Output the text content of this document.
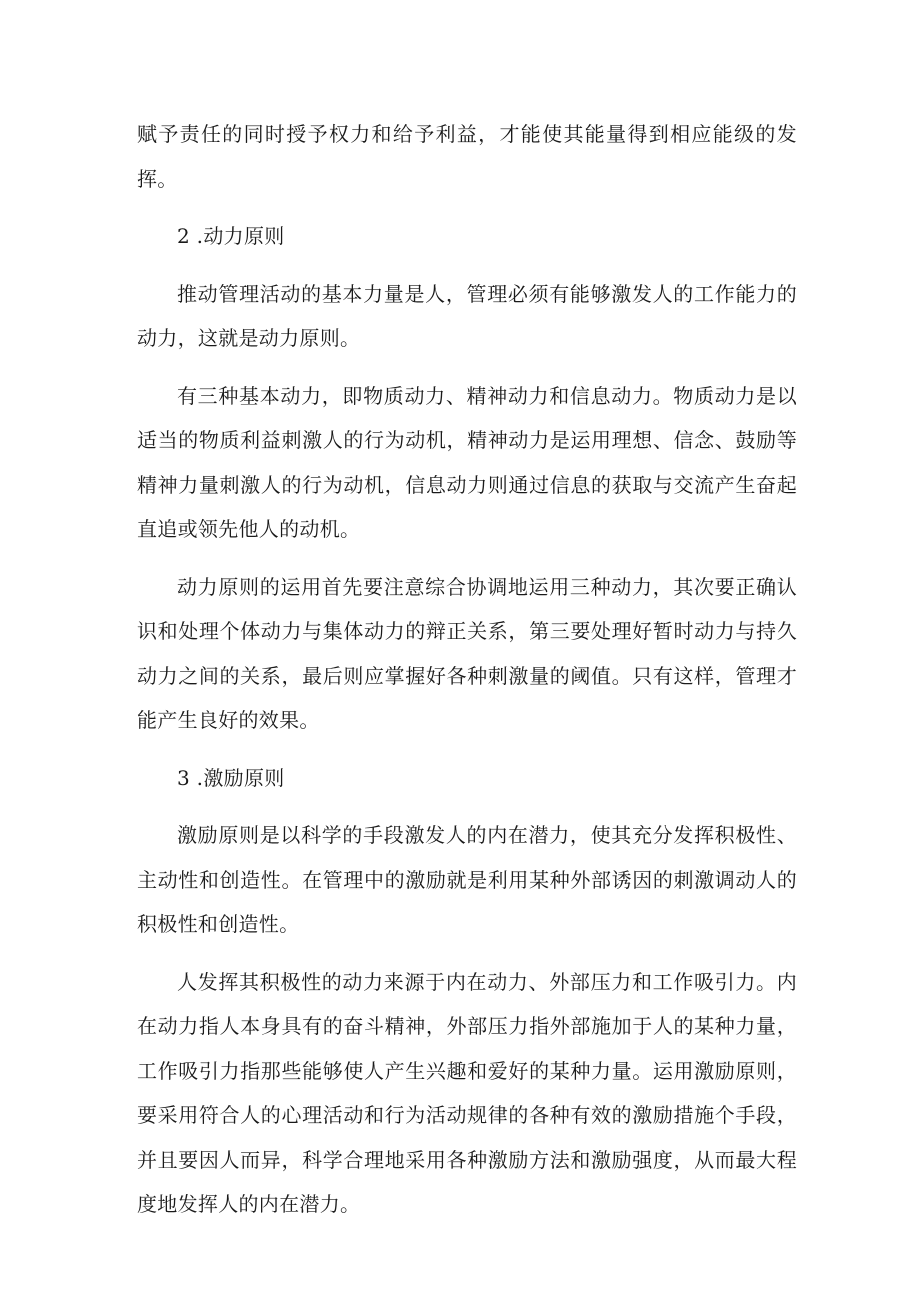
赋予责任的同时授予权力和给予利益，才能使其能量得到相应能级的发挥。

2 .动力原则

推动管理活动的基本力量是人，管理必须有能够激发人的工作能力的动力，这就是动力原则。

有三种基本动力，即物质动力、精神动力和信息动力。物质动力是以适当的物质利益刺激人的行为动机，精神动力是运用理想、信念、鼓励等精神力量刺激人的行为动机，信息动力则通过信息的获取与交流产生奋起直追或领先他人的动机。

动力原则的运用首先要注意综合协调地运用三种动力，其次要正确认识和处理个体动力与集体动力的辩正关系，第三要处理好暂时动力与持久动力之间的关系，最后则应掌握好各种刺激量的阈值。只有这样，管理才能产生良好的效果。

3 .激励原则

激励原则是以科学的手段激发人的内在潜力，使其充分发挥积极性、主动性和创造性。在管理中的激励就是利用某种外部诱因的刺激调动人的积极性和创造性。

人发挥其积极性的动力来源于内在动力、外部压力和工作吸引力。内在动力指人本身具有的奋斗精神，外部压力指外部施加于人的某种力量，工作吸引力指那些能够使人产生兴趣和爱好的某种力量。运用激励原则，要采用符合人的心理活动和行为活动规律的各种有效的激励措施个手段，并且要因人而异，科学合理地采用各种激励方法和激励强度，从而最大程度地发挥人的内在潜力。
